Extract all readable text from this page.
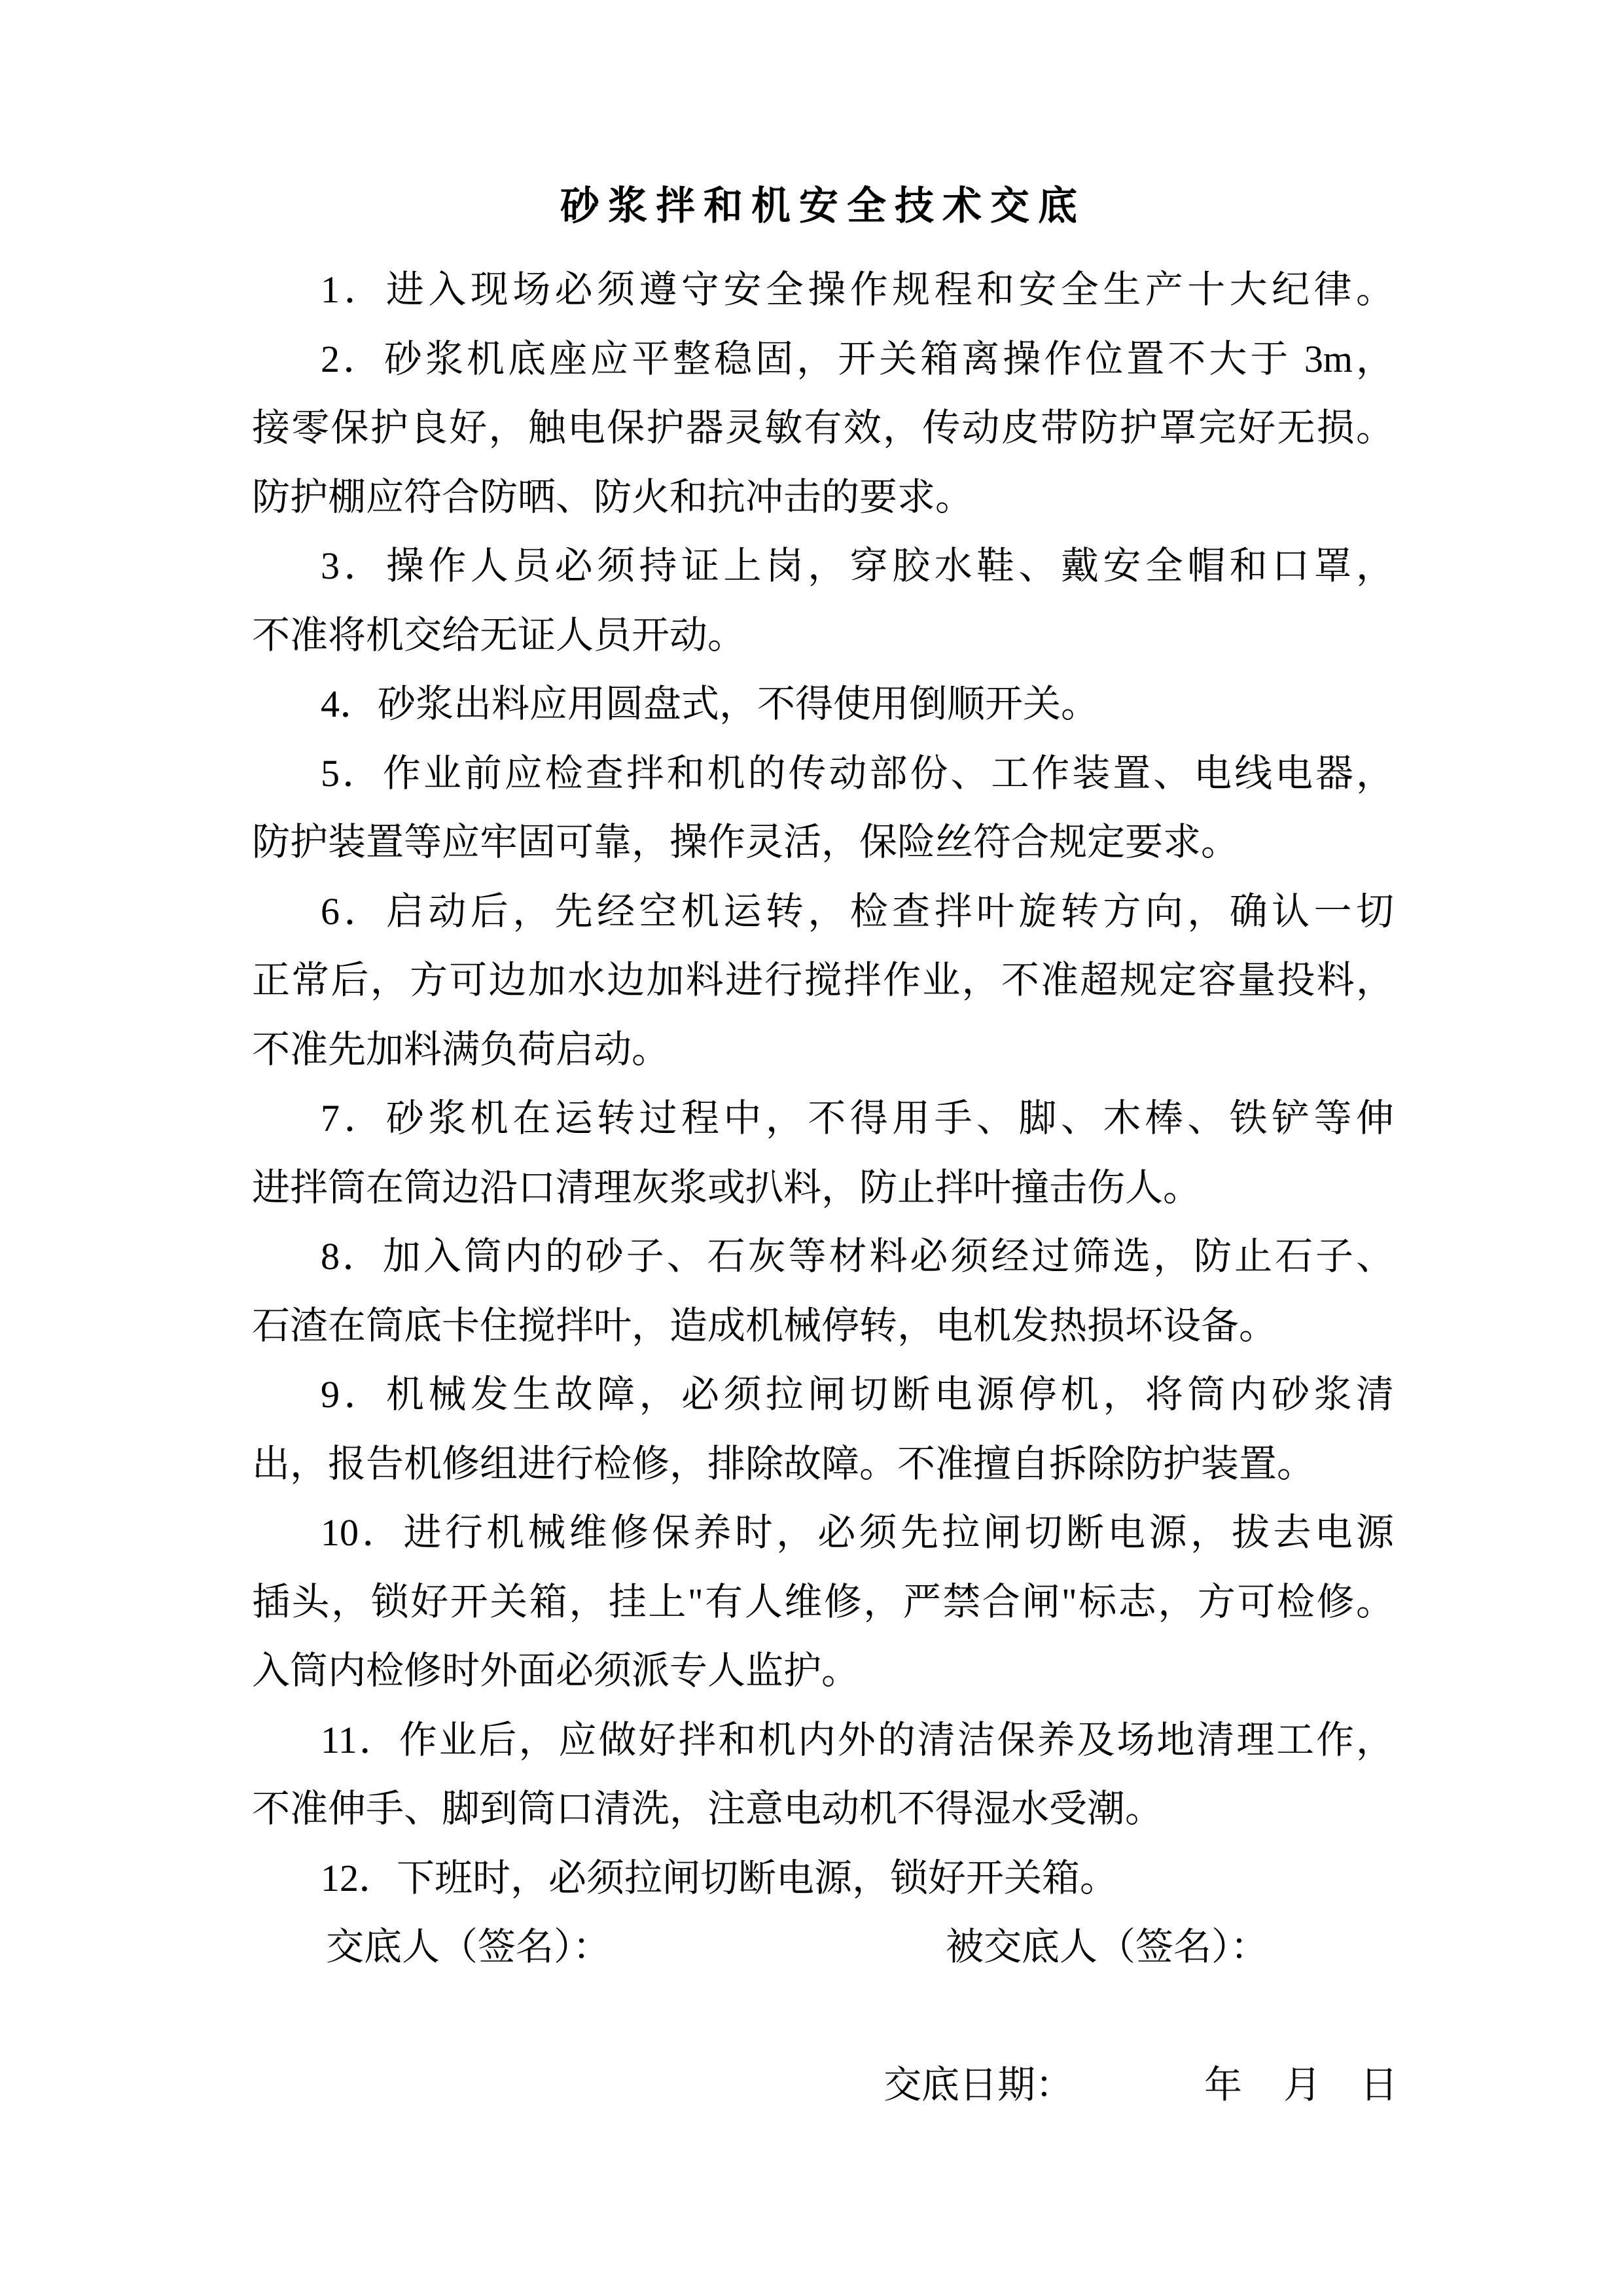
砂浆拌和机安全技术交底
1．进入现场必须遵守安全操作规程和安全生产十大纪律。
2．砂浆机底座应平整稳固，开关箱离操作位置不大于 3m，
接零保护良好，触电保护器灵敏有效，传动皮带防护罩完好无损。
防护棚应符合防晒、防火和抗冲击的要求。
3．操作人员必须持证上岗，穿胶水鞋、戴安全帽和口罩，
不准将机交给无证人员开动。
4．砂浆出料应用圆盘式，不得使用倒顺开关。
5．作业前应检查拌和机的传动部份、工作装置、电线电器，
防护装置等应牢固可靠，操作灵活，保险丝符合规定要求。
6．启动后，先经空机运转，检查拌叶旋转方向，确认一切
正常后，方可边加水边加料进行搅拌作业，不准超规定容量投料，
不准先加料满负荷启动。
7．砂浆机在运转过程中，不得用手、脚、木棒、铁铲等伸
进拌筒在筒边沿口清理灰浆或扒料，防止拌叶撞击伤人。
8．加入筒内的砂子、石灰等材料必须经过筛选，防止石子、
石渣在筒底卡住搅拌叶，造成机械停转，电机发热损坏设备。
9．机械发生故障，必须拉闸切断电源停机，将筒内砂浆清
出，报告机修组进行检修，排除故障。不准擅自拆除防护装置。
10．进行机械维修保养时，必须先拉闸切断电源，拔去电源
插头，锁好开关箱，挂上"有人维修，严禁合闸"标志，方可检修。
入筒内检修时外面必须派专人监护。
11．作业后，应做好拌和机内外的清洁保养及场地清理工作，
不准伸手、脚到筒口清洗，注意电动机不得湿水受潮。
12．下班时，必须拉闸切断电源，锁好开关箱。
交底人（签名）：	被交底人（签名）：
交底日期：	年 月 日
